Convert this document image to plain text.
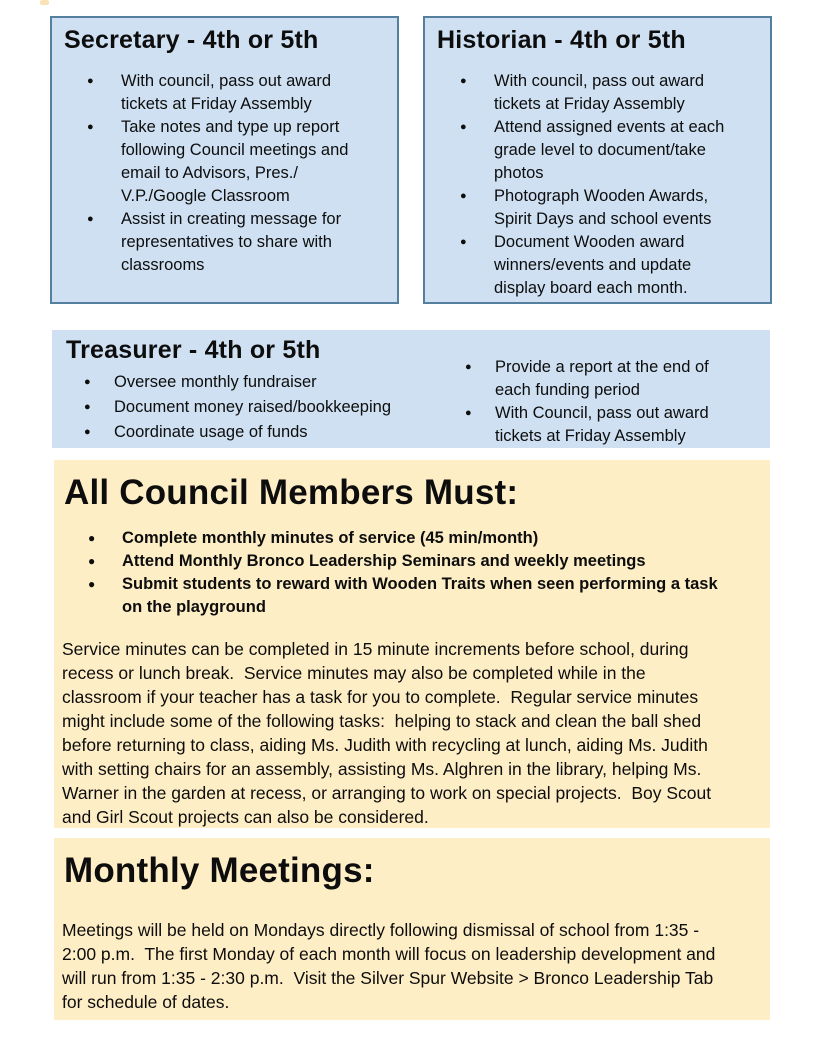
Secretary - 4th or 5th
● With council, pass out award tickets at Friday Assembly
● Take notes and type up report following Council meetings and email to Advisors, Pres./ V.P./Google Classroom
● Assist in creating message for representatives to share with classrooms
Historian - 4th or 5th
● With council, pass out award tickets at Friday Assembly
● Attend assigned events at each grade level to document/take photos
● Photograph Wooden Awards, Spirit Days and school events
● Document Wooden award winners/events and update display board each month.
Treasurer - 4th or 5th
● Oversee monthly fundraiser
● Document money raised/bookkeeping
● Coordinate usage of funds
● Provide a report at the end of each funding period
● With Council, pass out award tickets at Friday Assembly
All Council Members Must:
● Complete monthly minutes of service (45 min/month)
● Attend Monthly Bronco Leadership Seminars and weekly meetings
● Submit students to reward with Wooden Traits when seen performing a task on the playground

Service minutes can be completed in 15 minute increments before school, during recess or lunch break.  Service minutes may also be completed while in the classroom if your teacher has a task for you to complete.  Regular service minutes might include some of the following tasks:  helping to stack and clean the ball shed before returning to class, aiding Ms. Judith with recycling at lunch, aiding Ms. Judith with setting chairs for an assembly, assisting Ms. Alghren in the library, helping Ms. Warner in the garden at recess, or arranging to work on special projects.  Boy Scout and Girl Scout projects can also be considered.

Monthly Meetings:

Meetings will be held on Mondays directly following dismissal of school from 1:35 - 2:00 p.m.  The first Monday of each month will focus on leadership development and will run from 1:35 - 2:30 p.m.  Visit the Silver Spur Website > Bronco Leadership Tab for schedule of dates.
